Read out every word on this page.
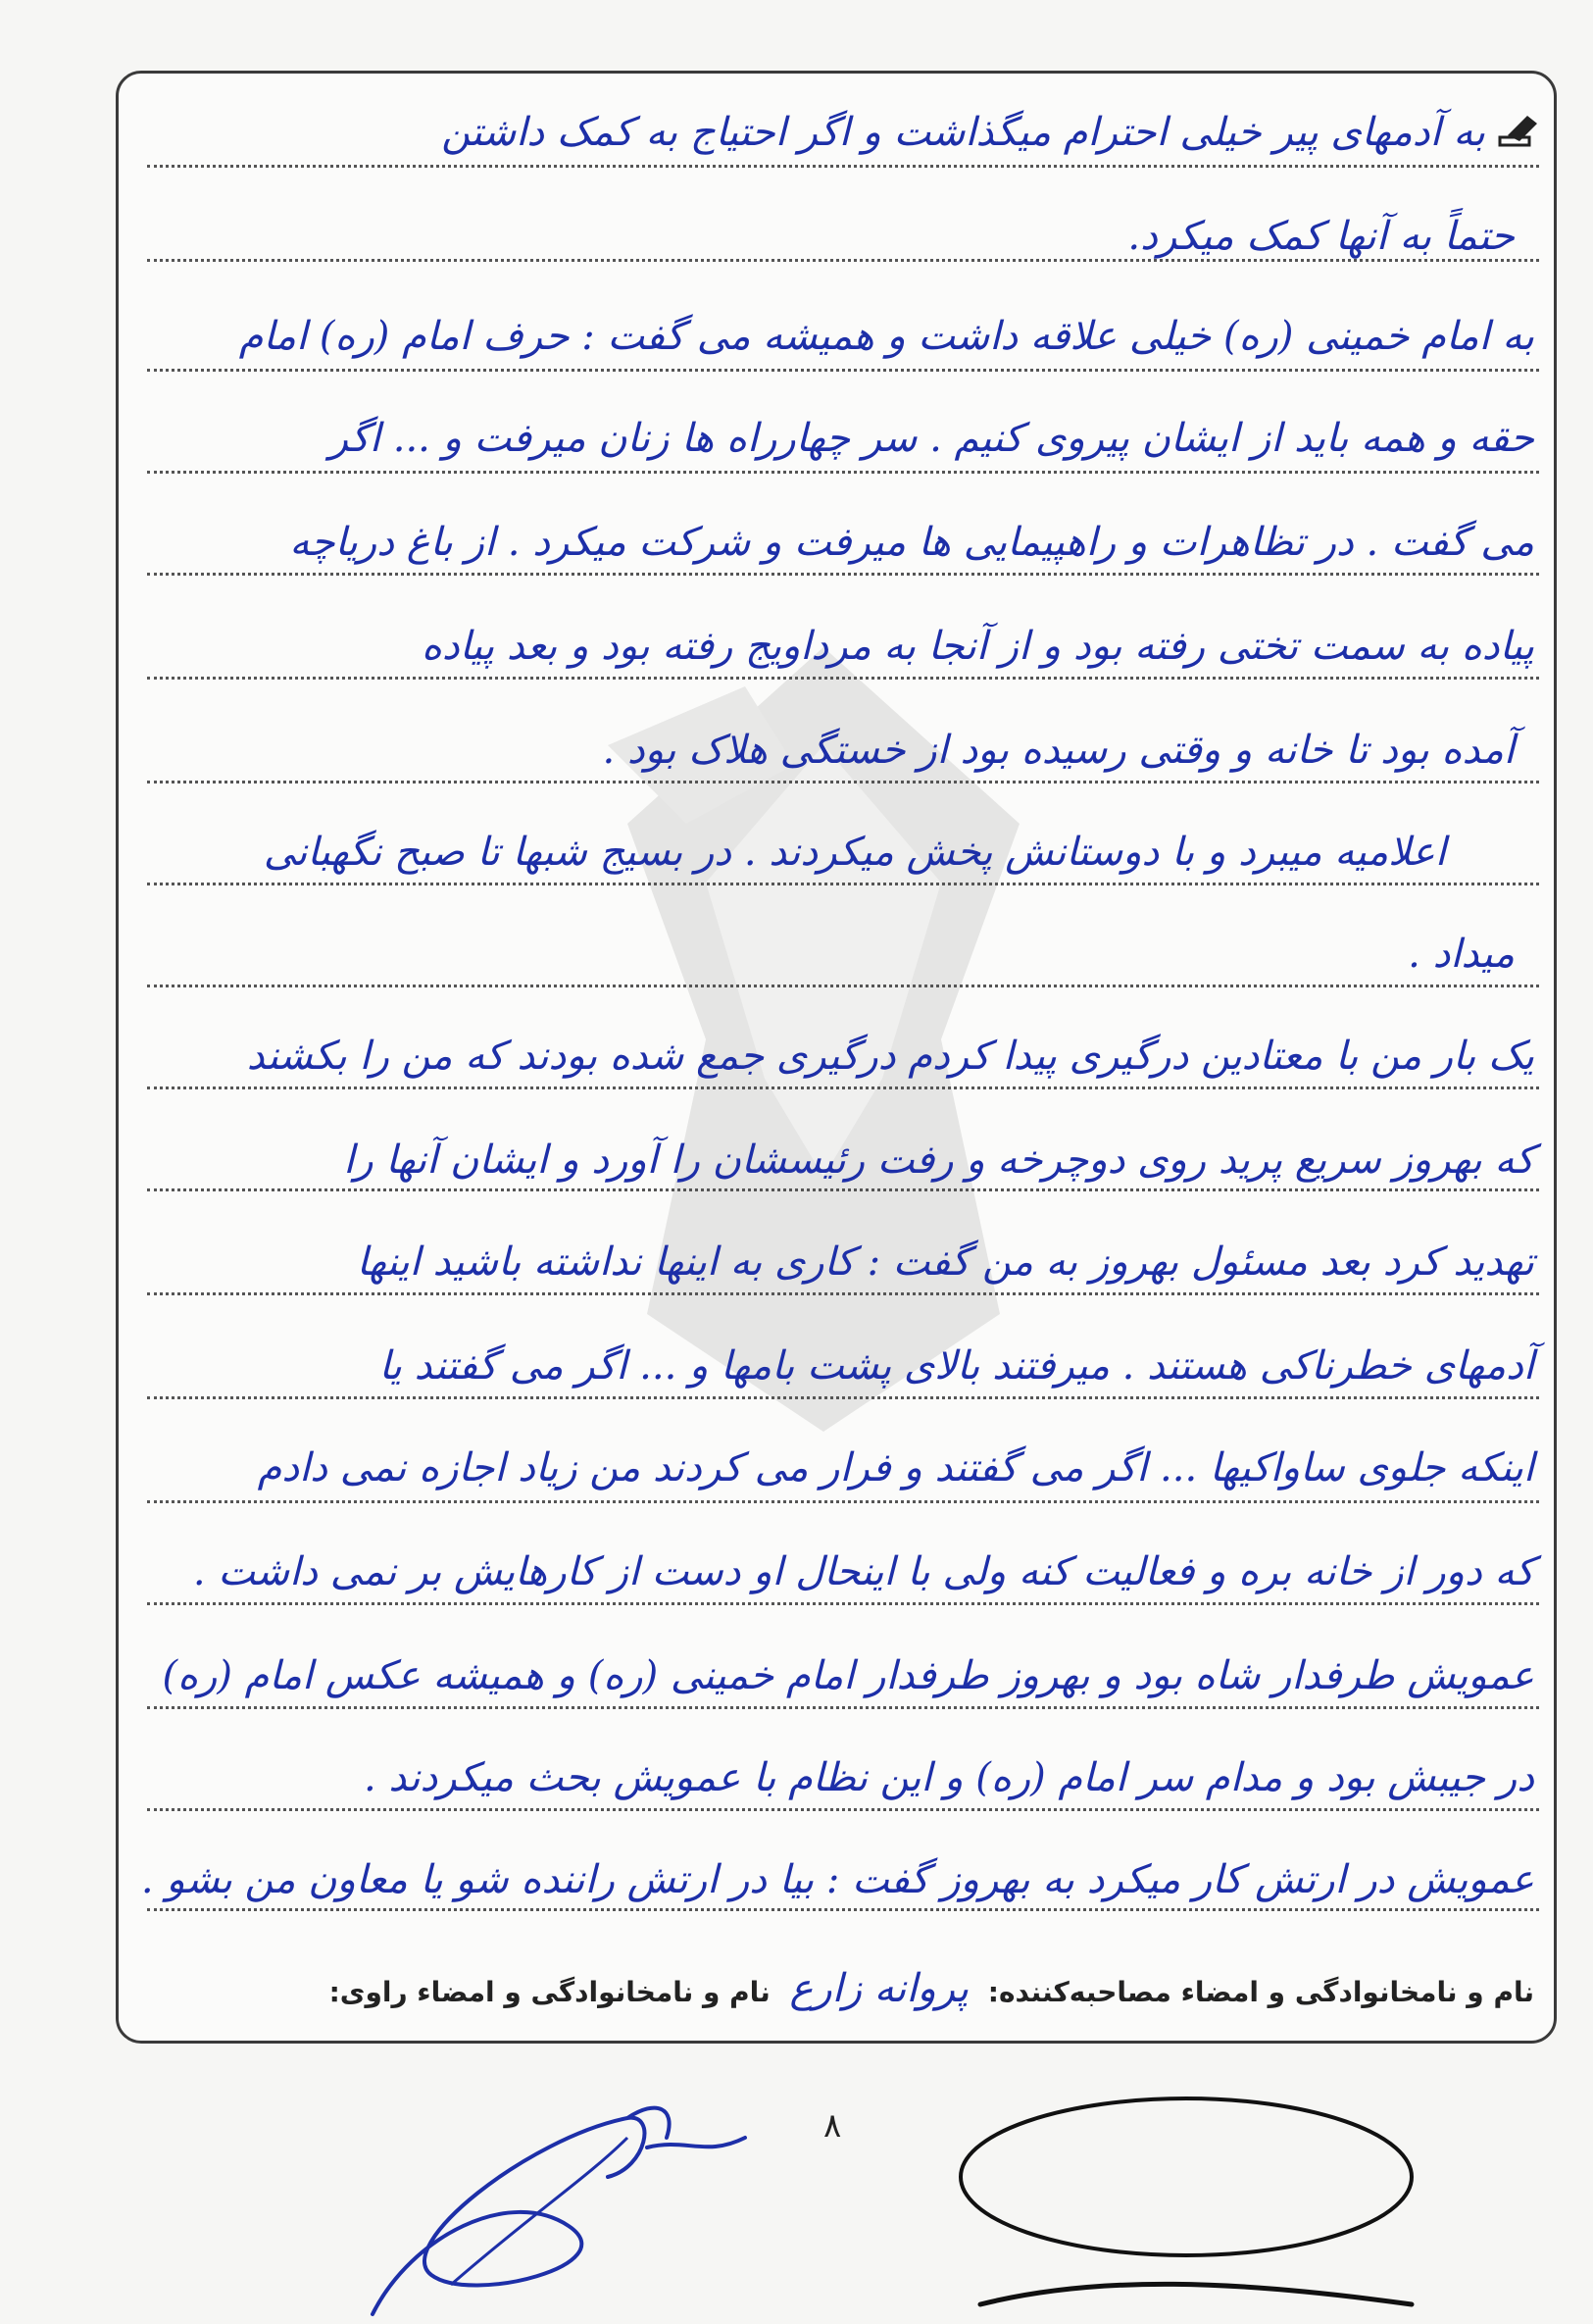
به آدمهای پیر خیلی احترام میگذاشت و اگر احتیاج به کمک داشتن
حتماً به آنها کمک میکرد.
به امام خمینی (ره) خیلی علاقه داشت و همیشه می گفت : حرف امام (ره) امام
حقه و همه باید از ایشان پیروی کنیم . سر چهارراه ها زنان میرفت و ... اگر
می گفت . در تظاهرات و راهپیمایی ها میرفت و شرکت میکرد . از باغ دریاچه
پیاده به سمت تختی رفته بود و از آنجا به مرداویج رفته بود و بعد پیاده
آمده بود تا خانه و وقتی رسیده بود از خستگی هلاک بود .
اعلامیه میبرد و با دوستانش پخش میکردند . در بسیج شبها تا صبح نگهبانی
میداد .
یک بار من با معتادین درگیری پیدا کردم درگیری جمع شده بودند که من را بکشند
که بهروز سریع پرید روی دوچرخه و رفت رئیسشان را آورد و ایشان آنها را
تهدید کرد بعد مسئول بهروز به من گفت : کاری به اینها نداشته باشید اینها
آدمهای خطرناکی هستند . میرفتند بالای پشت بامها و ... اگر می گفتند یا
اینکه جلوی ساواکیها ... اگر می گفتند و فرار می کردند من زیاد اجازه نمی دادم
که دور از خانه بره و فعالیت کنه ولی با اینحال او دست از کارهایش بر نمی داشت .
عمویش طرفدار شاه بود و بهروز طرفدار امام خمینی (ره) و همیشه عکس امام (ره)
در جیبش بود و مدام سر امام (ره) و این نظام با عمویش بحث میکردند .
عمویش در ارتش کار میکرد به بهروز گفت : بیا در ارتش راننده شو یا معاون من بشو .
نام و نامخانوادگی و امضاء مصاحبه‌کننده: پروانه زارع نام و نامخانوادگی و امضاء راوی:
۸
